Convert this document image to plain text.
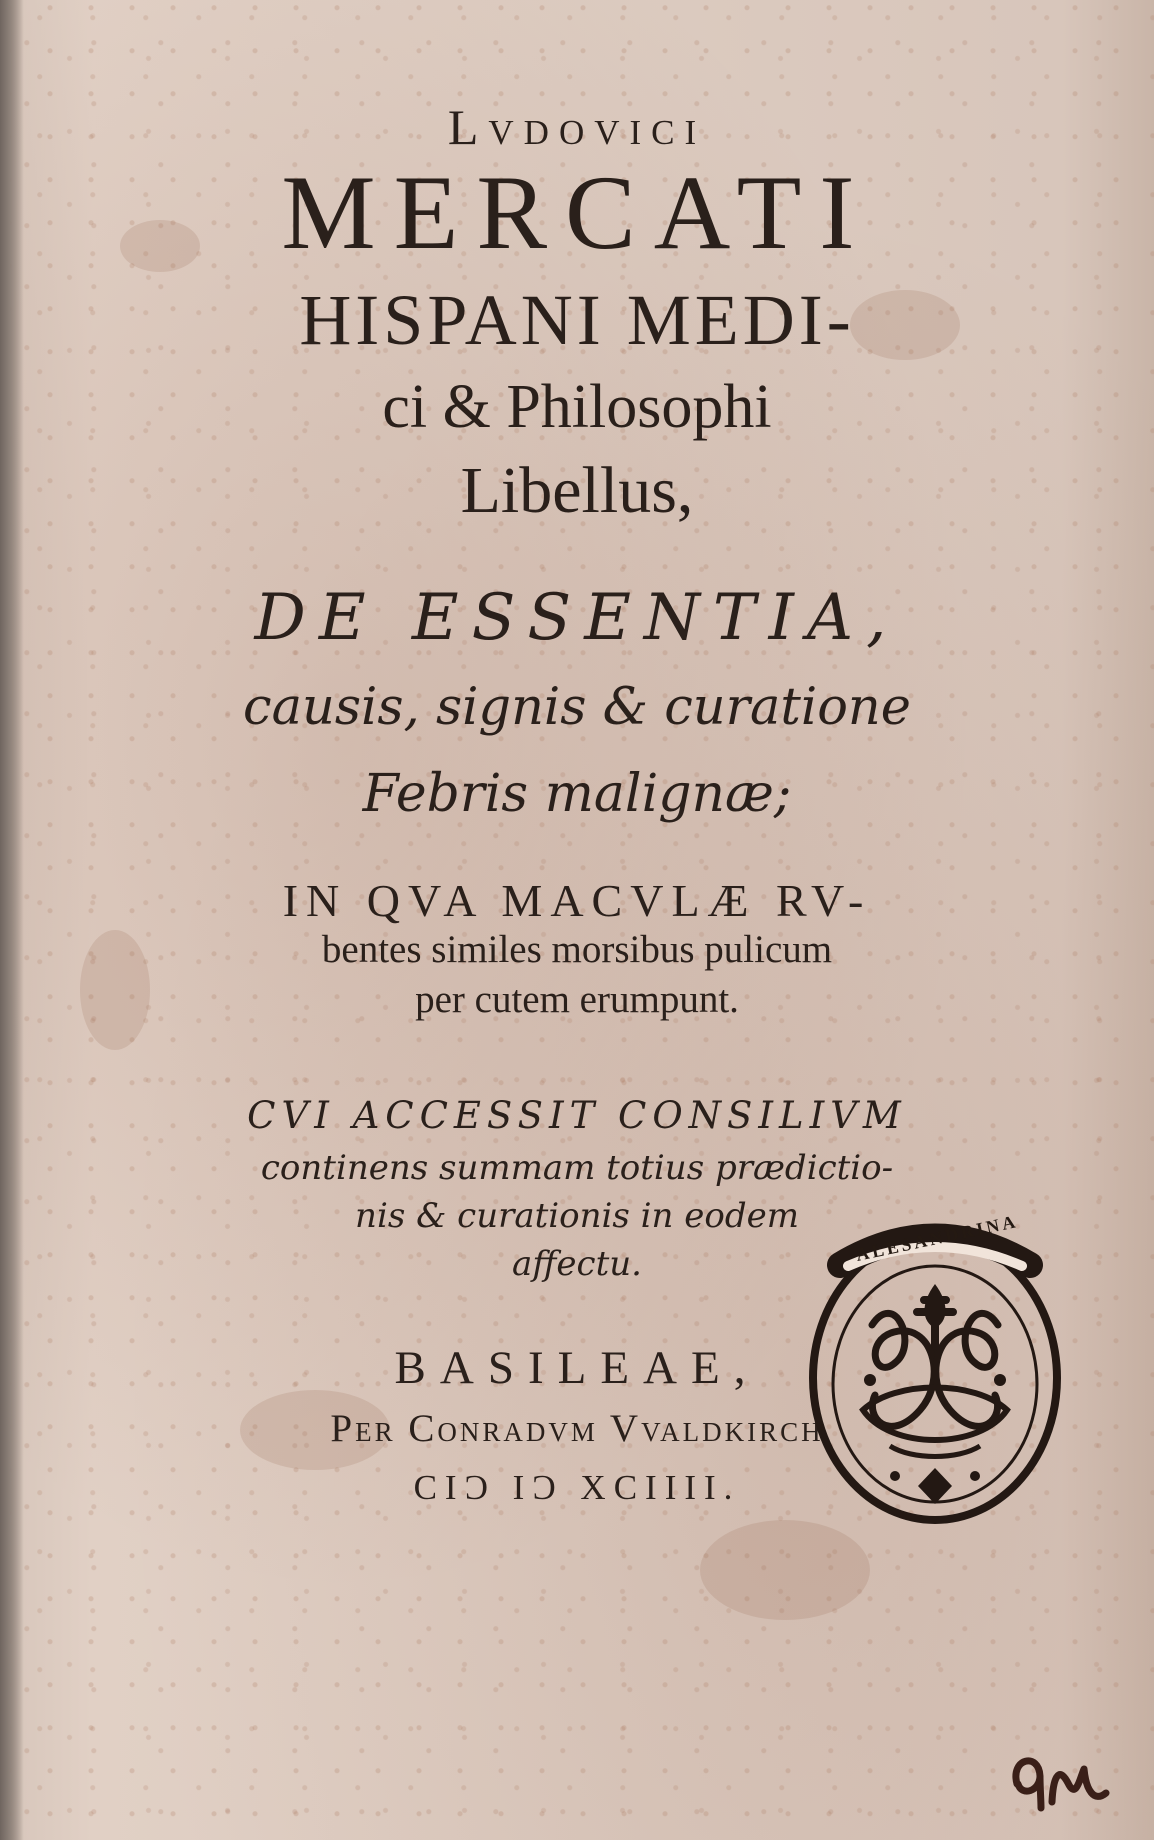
Lvdovici
MERCATI
HISPANI MEDI-
ci & Philosophi
Libellus,
DE ESSENTIA,
causis, signis & curatione
Febris malignæ;
IN QVA MACVLÆ RV-
bentes similes morsibus pulicum
per cutem erumpunt.
CVI ACCESSIT CONSILIVM
continens summam totius prædictio-
nis & curationis in eodem
affectu.
BASILEAE,
Per Conradvm Vvaldkirch
CIƆ IƆ XCIIII.
ALESANDRINA
